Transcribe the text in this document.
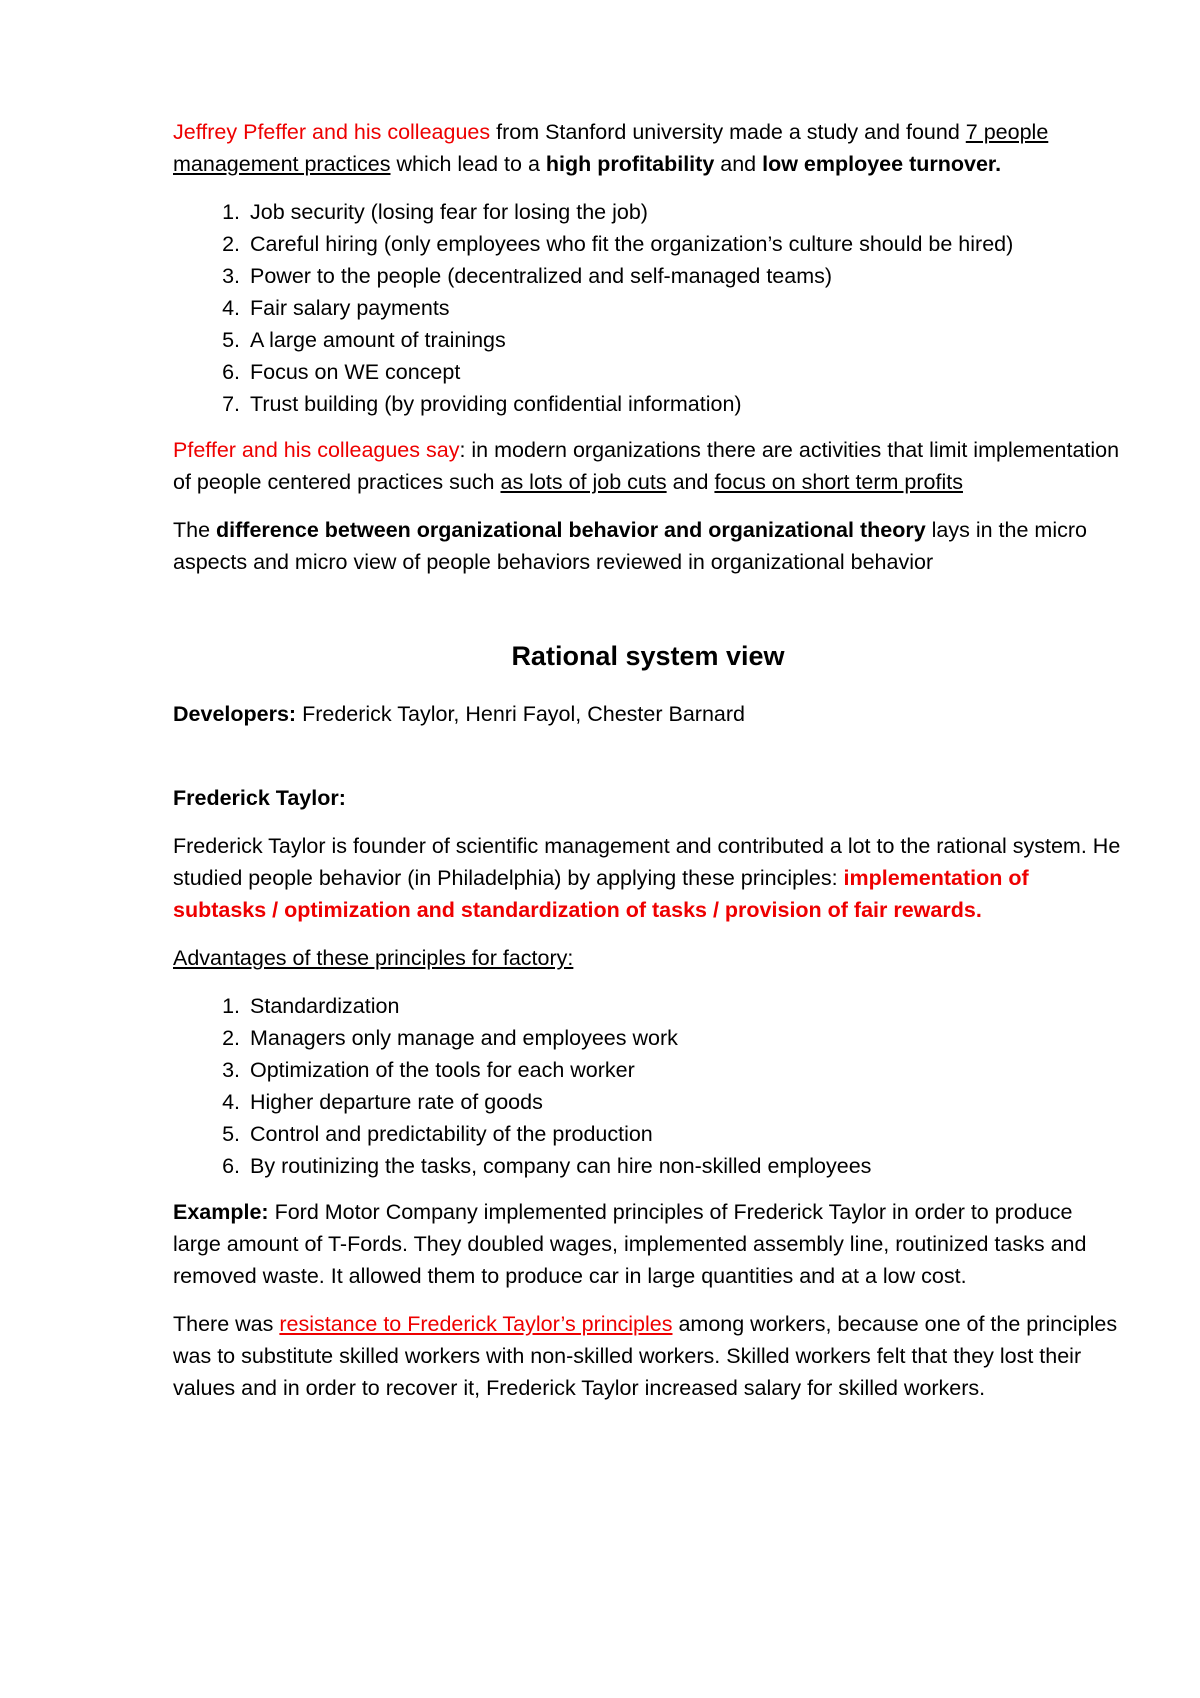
Jeffrey Pfeffer and his colleagues from Stanford university made a study and found 7 people management practices which lead to a high profitability and low employee turnover.

1. Job security (losing fear for losing the job)
2. Careful hiring (only employees who fit the organization’s culture should be hired)
3. Power to the people (decentralized and self-managed teams)
4. Fair salary payments
5. A large amount of trainings
6. Focus on WE concept
7. Trust building (by providing confidential information)

Pfeffer and his colleagues say: in modern organizations there are activities that limit implementation of people centered practices such as lots of job cuts and focus on short term profits

The difference between organizational behavior and organizational theory lays in the micro aspects and micro view of people behaviors reviewed in organizational behavior

Rational system view

Developers: Frederick Taylor, Henri Fayol, Chester Barnard

Frederick Taylor:

Frederick Taylor is founder of scientific management and contributed a lot to the rational system. He studied people behavior (in Philadelphia) by applying these principles: implementation of subtasks / optimization and standardization of tasks / provision of fair rewards.

Advantages of these principles for factory:

1. Standardization
2. Managers only manage and employees work
3. Optimization of the tools for each worker
4. Higher departure rate of goods
5. Control and predictability of the production
6. By routinizing the tasks, company can hire non-skilled employees

Example: Ford Motor Company implemented principles of Frederick Taylor in order to produce large amount of T-Fords. They doubled wages, implemented assembly line, routinized tasks and removed waste. It allowed them to produce car in large quantities and at a low cost.

There was resistance to Frederick Taylor’s principles among workers, because one of the principles was to substitute skilled workers with non-skilled workers. Skilled workers felt that they lost their values and in order to recover it, Frederick Taylor increased salary for skilled workers.
